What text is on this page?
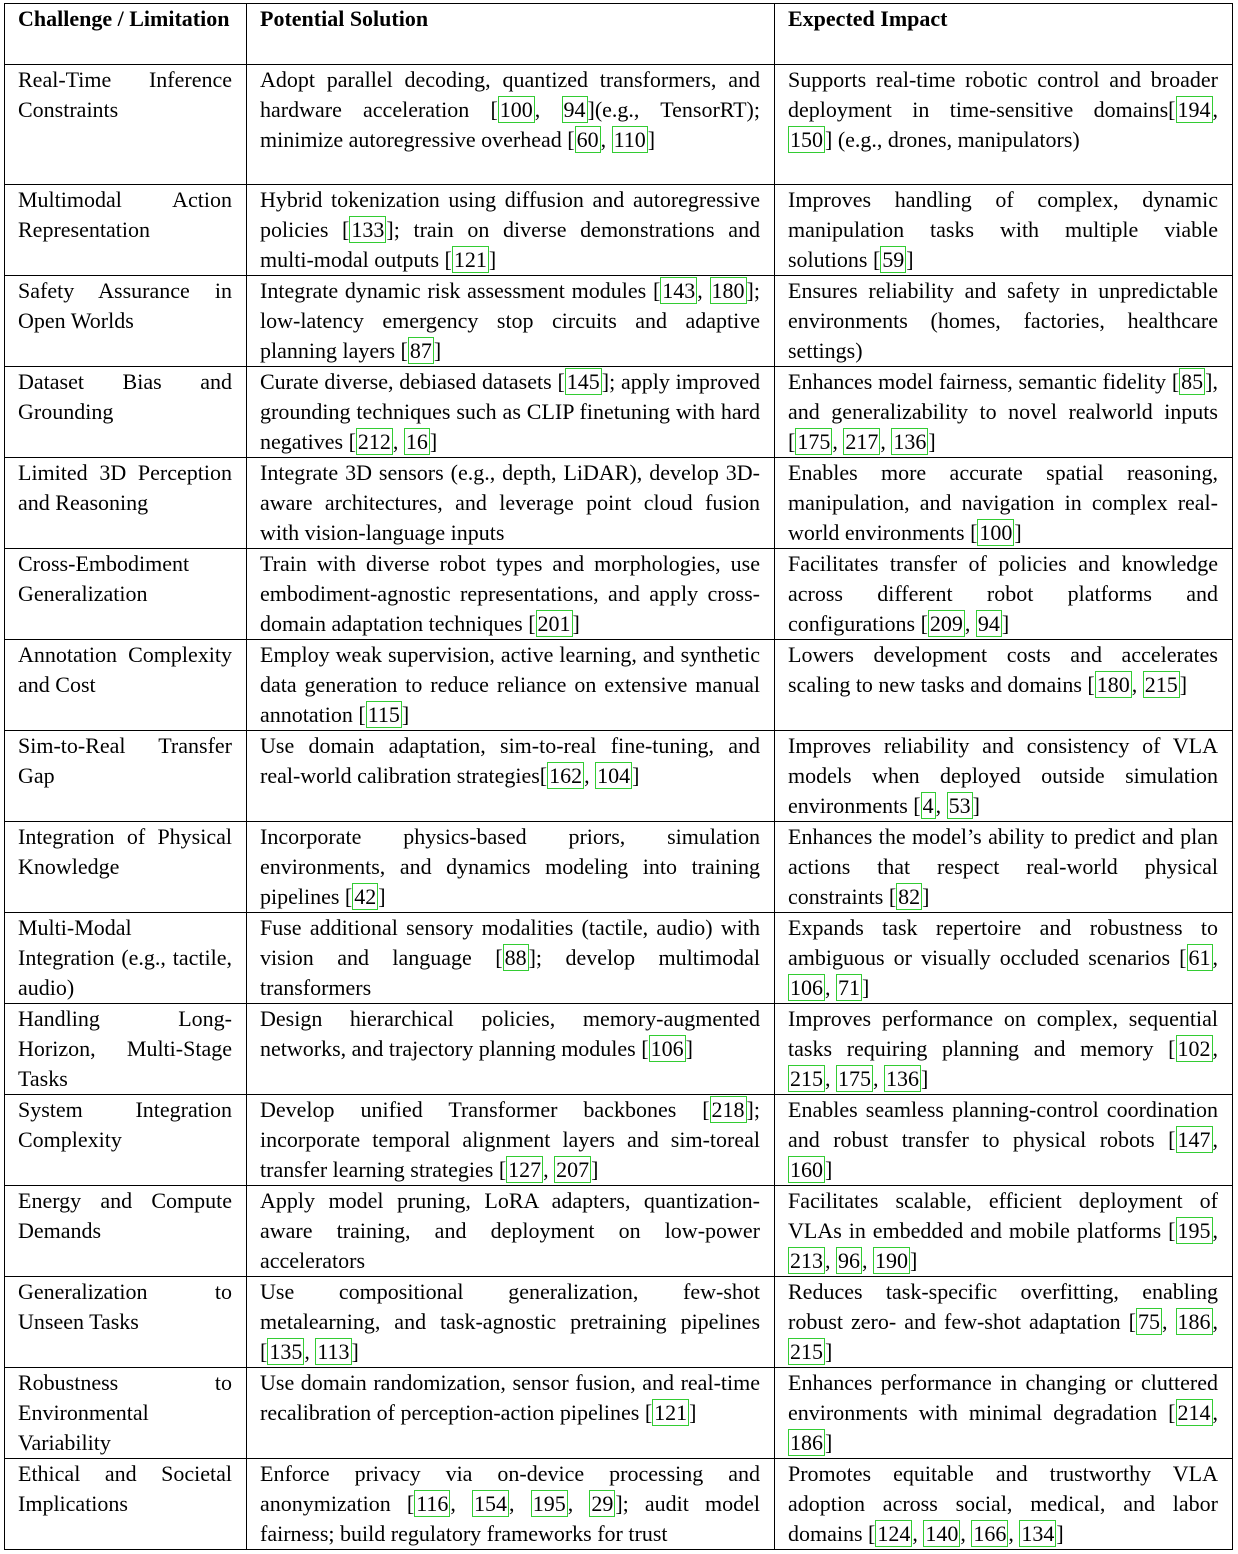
Challenge / Limitation	Potential Solution	Expected Impact
Real-Time Inference Constraints	Adopt parallel decoding, quantized transformers, and hardware acceleration [100, 94](e.g., TensorRT); minimize autoregressive overhead [60, 110]	Supports real-time robotic control and broader deployment in time-sensitive domains[194, 150] (e.g., drones, manipulators)
Multimodal Action Representation	Hybrid tokenization using diffusion and autoregressive policies [133]; train on diverse demonstrations and multi-modal outputs [121]	Improves handling of complex, dynamic manipulation tasks with multiple viable solutions [59]
Safety Assurance in Open Worlds	Integrate dynamic risk assessment modules [143, 180]; low-latency emergency stop circuits and adaptive planning layers [87]	Ensures reliability and safety in unpredictable environments (homes, factories, healthcare settings)
Dataset Bias and Grounding	Curate diverse, debiased datasets [145]; apply improved grounding techniques such as CLIP finetuning with hard negatives [212, 16]	Enhances model fairness, semantic fidelity [85], and generalizability to novel realworld inputs [175, 217, 136]
Limited 3D Perception and Reasoning	Integrate 3D sensors (e.g., depth, LiDAR), develop 3D-aware architectures, and leverage point cloud fusion with vision-language inputs	Enables more accurate spatial reasoning, manipulation, and navigation in complex real-world environments [100]
Cross-Embodiment Generalization	Train with diverse robot types and morphologies, use embodiment-agnostic representations, and apply cross-domain adaptation techniques [201]	Facilitates transfer of policies and knowledge across different robot platforms and configurations [209, 94]
Annotation Complexity and Cost	Employ weak supervision, active learning, and synthetic data generation to reduce reliance on extensive manual annotation [115]	Lowers development costs and accelerates scaling to new tasks and domains [180, 215]
Sim-to-Real Transfer Gap	Use domain adaptation, sim-to-real fine-tuning, and real-world calibration strategies[162, 104]	Improves reliability and consistency of VLA models when deployed outside simulation environments [4, 53]
Integration of Physical Knowledge	Incorporate physics-based priors, simulation environments, and dynamics modeling into training pipelines [42]	Enhances the model’s ability to predict and plan actions that respect real-world physical constraints [82]
Multi-Modal Integration (e.g., tactile, audio)	Fuse additional sensory modalities (tactile, audio) with vision and language [88]; develop multimodal transformers	Expands task repertoire and robustness to ambiguous or visually occluded scenarios [61, 106, 71]
Handling Long-Horizon, Multi-Stage Tasks	Design hierarchical policies, memory-augmented networks, and trajectory planning modules [106]	Improves performance on complex, sequential tasks requiring planning and memory [102, 215, 175, 136]
System Integration Complexity	Develop unified Transformer backbones [218]; incorporate temporal alignment layers and sim-toreal transfer learning strategies [127, 207]	Enables seamless planning-control coordination and robust transfer to physical robots [147, 160]
Energy and Compute Demands	Apply model pruning, LoRA adapters, quantization-aware training, and deployment on low-power accelerators	Facilitates scalable, efficient deployment of VLAs in embedded and mobile platforms [195, 213, 96, 190]
Generalization to Unseen Tasks	Use compositional generalization, few-shot metalearning, and task-agnostic pretraining pipelines [135, 113]	Reduces task-specific overfitting, enabling robust zero- and few-shot adaptation [75, 186, 215]
Robustness to Environmental Variability	Use domain randomization, sensor fusion, and real-time recalibration of perception-action pipelines [121]	Enhances performance in changing or cluttered environments with minimal degradation [214, 186]
Ethical and Societal Implications	Enforce privacy via on-device processing and anonymization [116, 154, 195, 29]; audit model fairness; build regulatory frameworks for trust	Promotes equitable and trustworthy VLA adoption across social, medical, and labor domains [124, 140, 166, 134]
